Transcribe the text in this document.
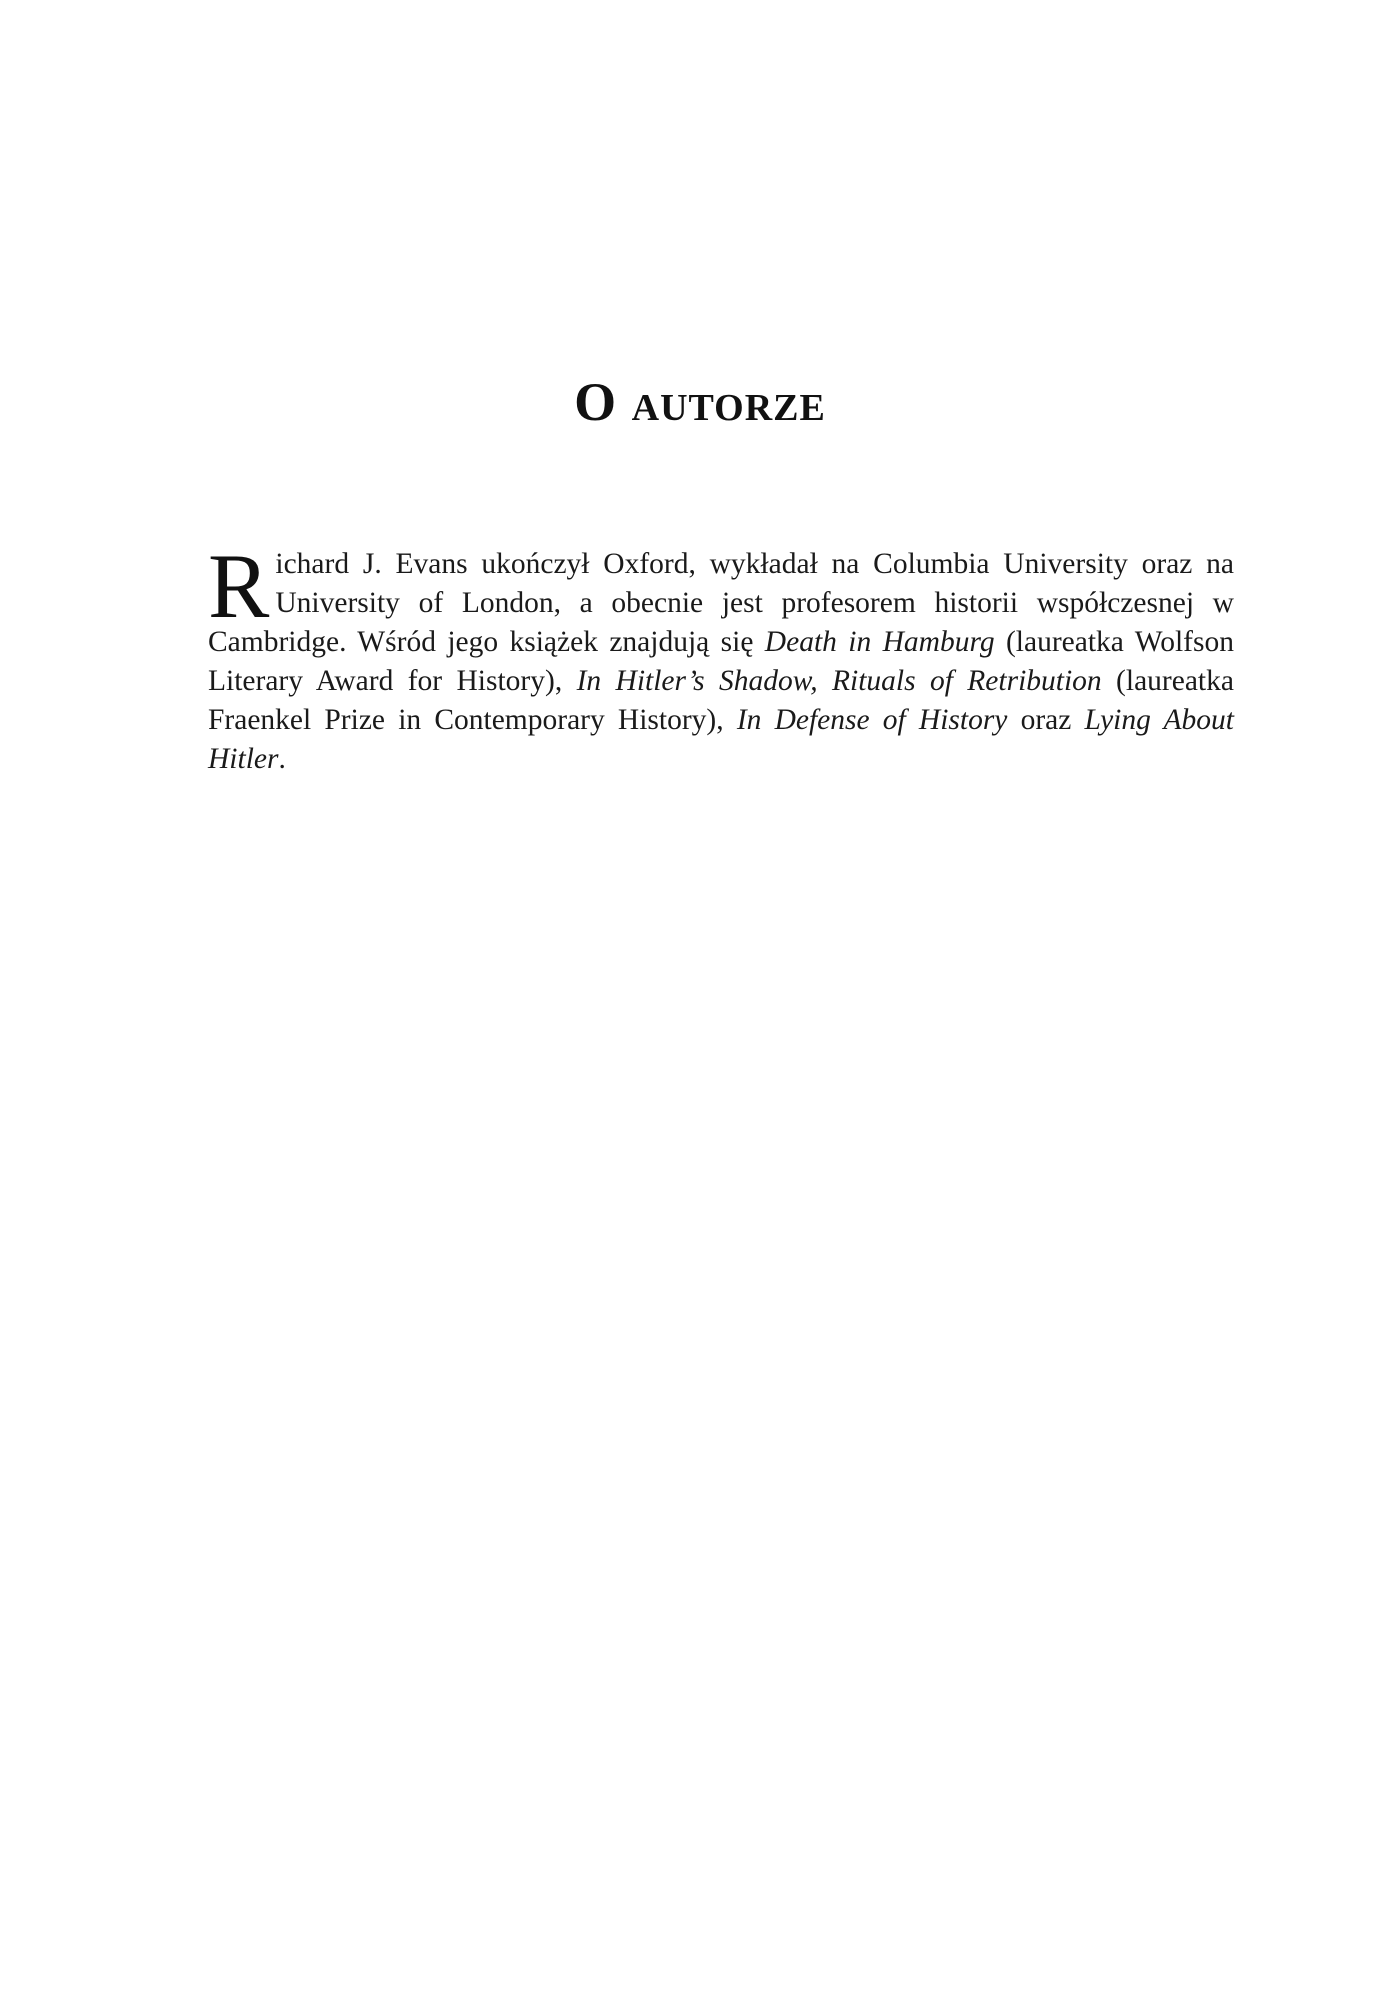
O autorze

Richard J. Evans ukończył Oxford, wykładał na Columbia University oraz na University of London, a obecnie jest profesorem historii współczesnej w Cambridge. Wśród jego książek znajdują się Death in Hamburg (laureatka Wolfson Literary Award for History), In Hitler’s Shadow, Rituals of Retribution (laureatka Fraenkel Prize in Contemporary History), In Defense of History oraz Lying About Hitler.
